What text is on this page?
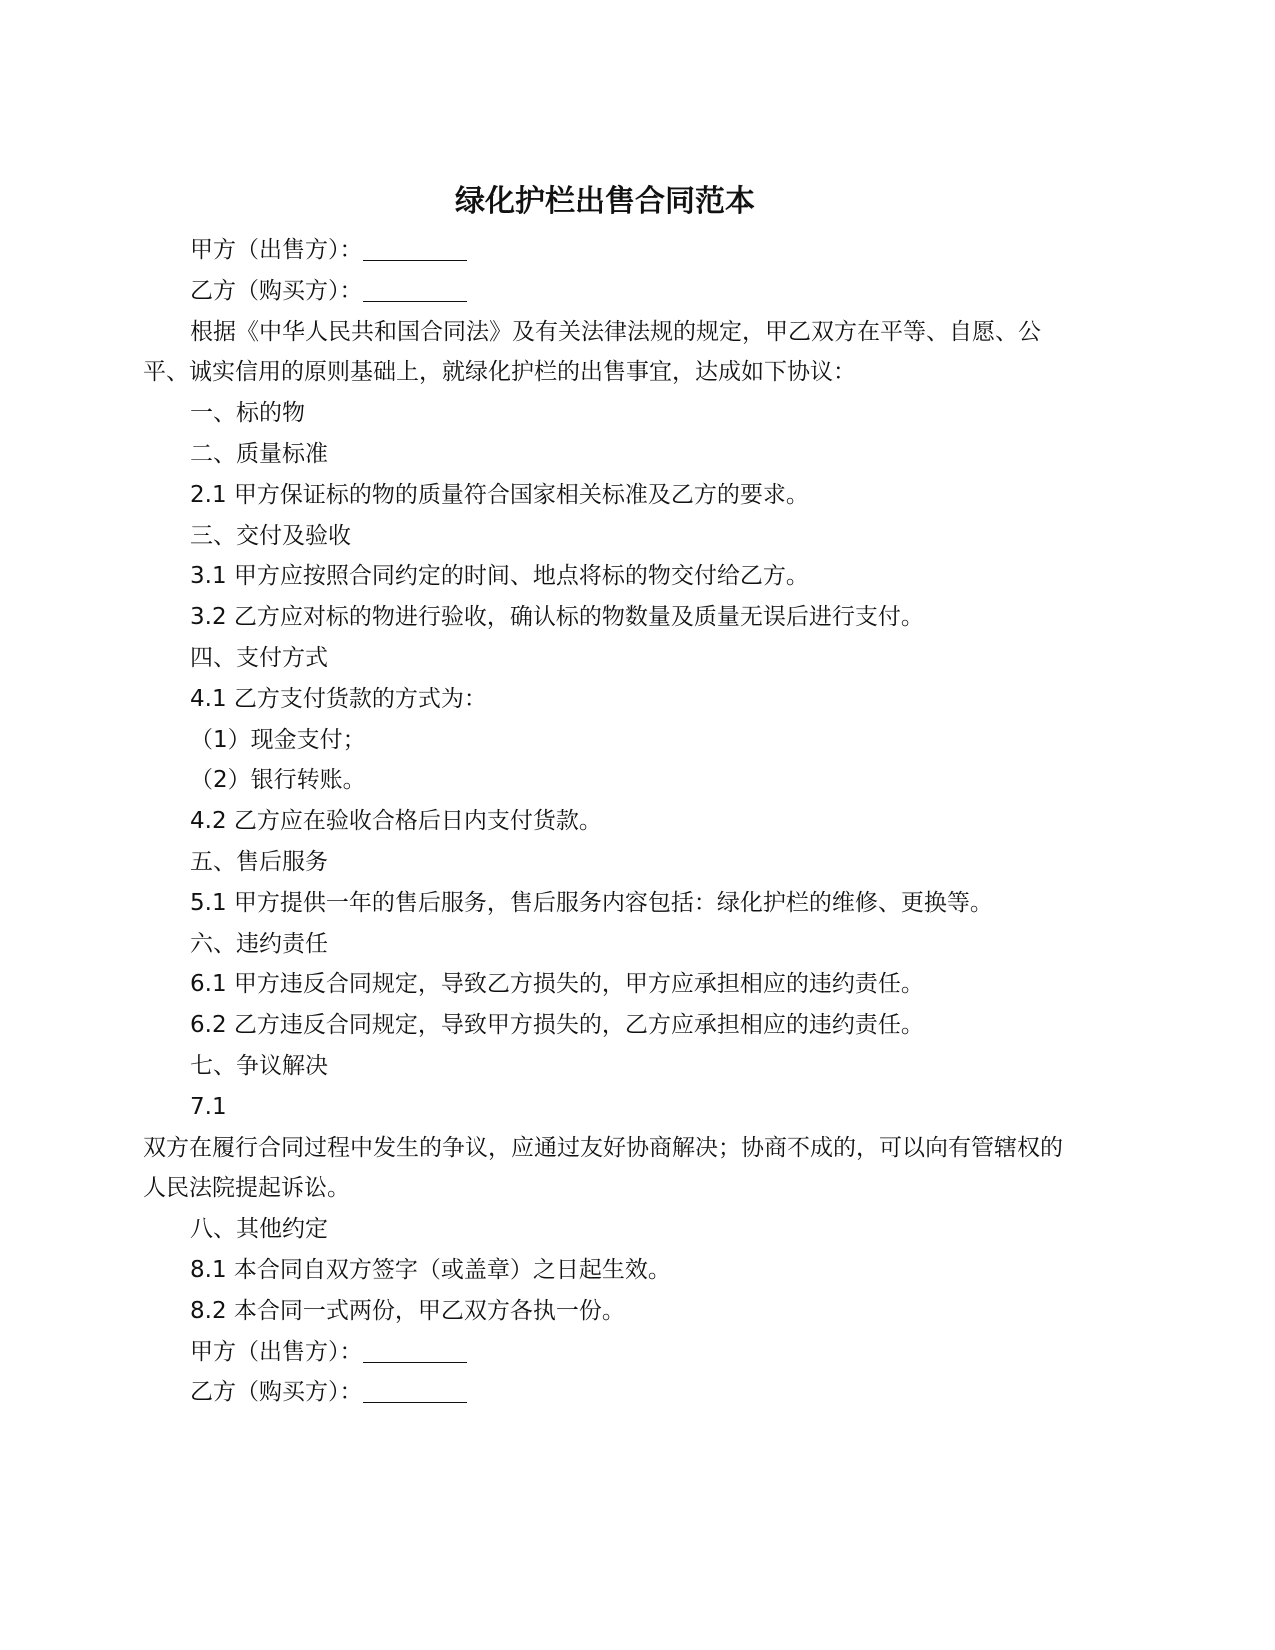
绿化护栏出售合同范本

甲方（出售方）：

乙方（购买方）：

根据《中华人民共和国合同法》及有关法律法规的规定，甲乙双方在平等、自愿、公平、诚实信用的原则基础上，就绿化护栏的出售事宜，达成如下协议：

一、标的物

二、质量标准

2.1 甲方保证标的物的质量符合国家相关标准及乙方的要求。

三、交付及验收

3.1 甲方应按照合同约定的时间、地点将标的物交付给乙方。

3.2 乙方应对标的物进行验收，确认标的物数量及质量无误后进行支付。

四、支付方式

4.1 乙方支付货款的方式为：

（1）现金支付；

（2）银行转账。

4.2 乙方应在验收合格后日内支付货款。

五、售后服务

5.1 甲方提供一年的售后服务，售后服务内容包括：绿化护栏的维修、更换等。

六、违约责任

6.1 甲方违反合同规定，导致乙方损失的，甲方应承担相应的违约责任。

6.2 乙方违反合同规定，导致甲方损失的，乙方应承担相应的违约责任。

七、争议解决

7.1

双方在履行合同过程中发生的争议，应通过友好协商解决；协商不成的，可以向有管辖权的人民法院提起诉讼。

八、其他约定

8.1 本合同自双方签字（或盖章）之日起生效。

8.2 本合同一式两份，甲乙双方各执一份。

甲方（出售方）：

乙方（购买方）：
